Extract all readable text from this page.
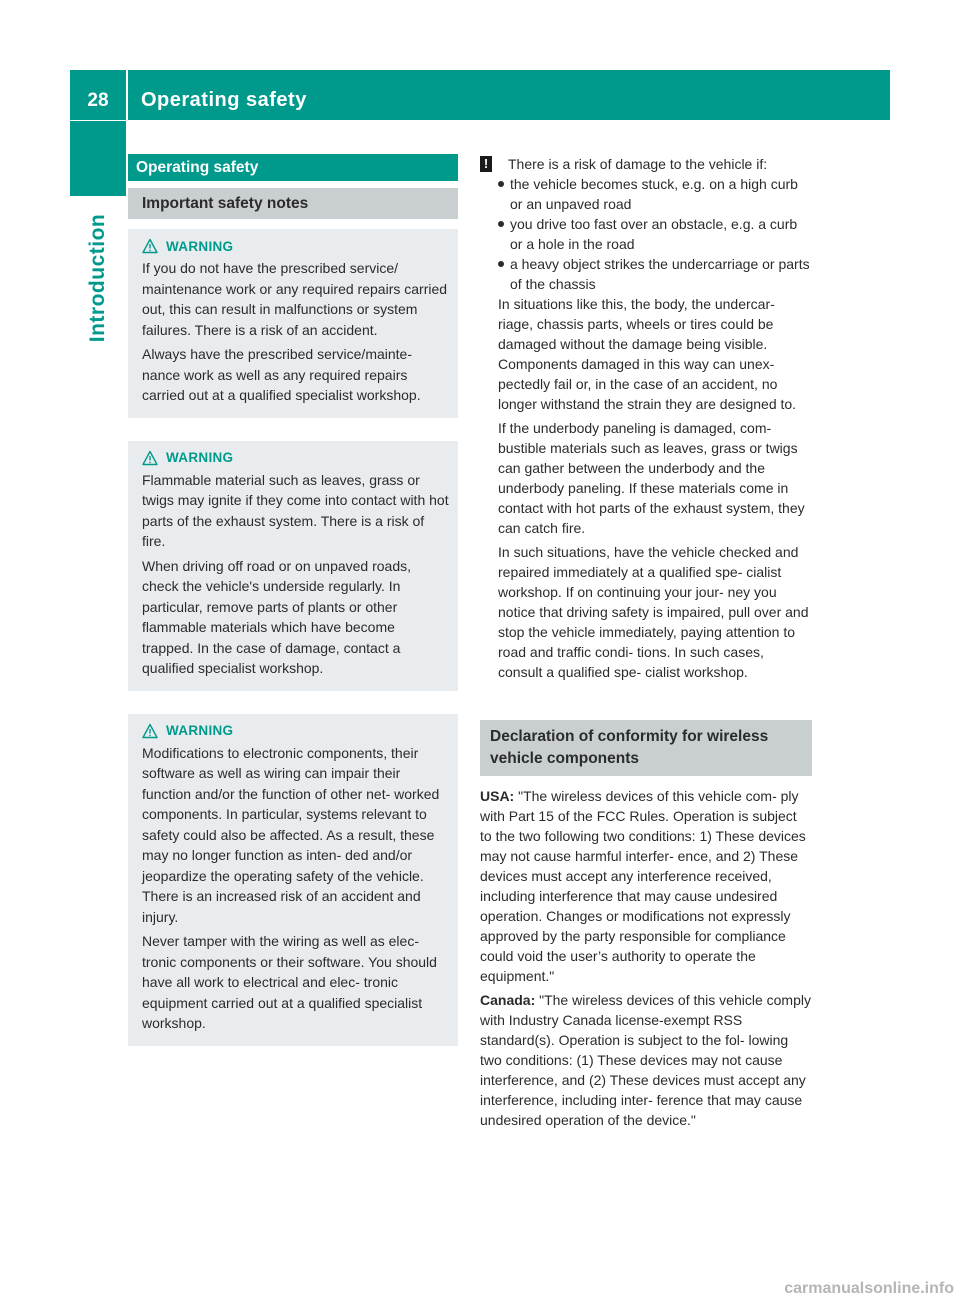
28	Operating safety
Introduction
Operating safety
Important safety notes
WARNING

If you do not have the prescribed service/ maintenance work or any required repairs carried out, this can result in malfunctions or system failures. There is a risk of an accident.

Always have the prescribed service/mainte- nance work as well as any required repairs carried out at a qualified specialist workshop.

WARNING

Flammable material such as leaves, grass or twigs may ignite if they come into contact with hot parts of the exhaust system. There is a risk of fire.

When driving off road or on unpaved roads, check the vehicle's underside regularly. In particular, remove parts of plants or other flammable materials which have become trapped. In the case of damage, contact a qualified specialist workshop.

WARNING

Modifications to electronic components, their software as well as wiring can impair their function and/or the function of other net- worked components. In particular, systems relevant to safety could also be affected. As a result, these may no longer function as inten- ded and/or jeopardize the operating safety of the vehicle. There is an increased risk of an accident and injury.

Never tamper with the wiring as well as elec- tronic components or their software. You should have all work to electrical and elec- tronic equipment carried out at a qualified specialist workshop.

! There is a risk of damage to the vehicle if:
the vehicle becomes stuck, e.g. on a high curb or an unpaved road
you drive too fast over an obstacle, e.g. a curb or a hole in the road
a heavy object strikes the undercarriage or parts of the chassis

In situations like this, the body, the undercar- riage, chassis parts, wheels or tires could be damaged without the damage being visible. Components damaged in this way can unex- pectedly fail or, in the case of an accident, no longer withstand the strain they are designed to.

If the underbody paneling is damaged, com- bustible materials such as leaves, grass or twigs can gather between the underbody and the underbody paneling. If these materials come in contact with hot parts of the exhaust system, they can catch fire.

In such situations, have the vehicle checked and repaired immediately at a qualified spe- cialist workshop. If on continuing your jour- ney you notice that driving safety is impaired, pull over and stop the vehicle immediately, paying attention to road and traffic condi- tions. In such cases, consult a qualified spe- cialist workshop.

Declaration of conformity for wireless vehicle components

USA: "The wireless devices of this vehicle com- ply with Part 15 of the FCC Rules. Operation is subject to the two following two conditions: 1) These devices may not cause harmful interfer- ence, and 2) These devices must accept any interference received, including interference that may cause undesired operation. Changes or modifications not expressly approved by the party responsible for compliance could void the user’s authority to operate the equipment."

Canada: "The wireless devices of this vehicle comply with Industry Canada license-exempt RSS standard(s). Operation is subject to the fol- lowing two conditions: (1) These devices may not cause interference, and (2) These devices must accept any interference, including inter- ference that may cause undesired operation of the device."

carmanualsonline.info
